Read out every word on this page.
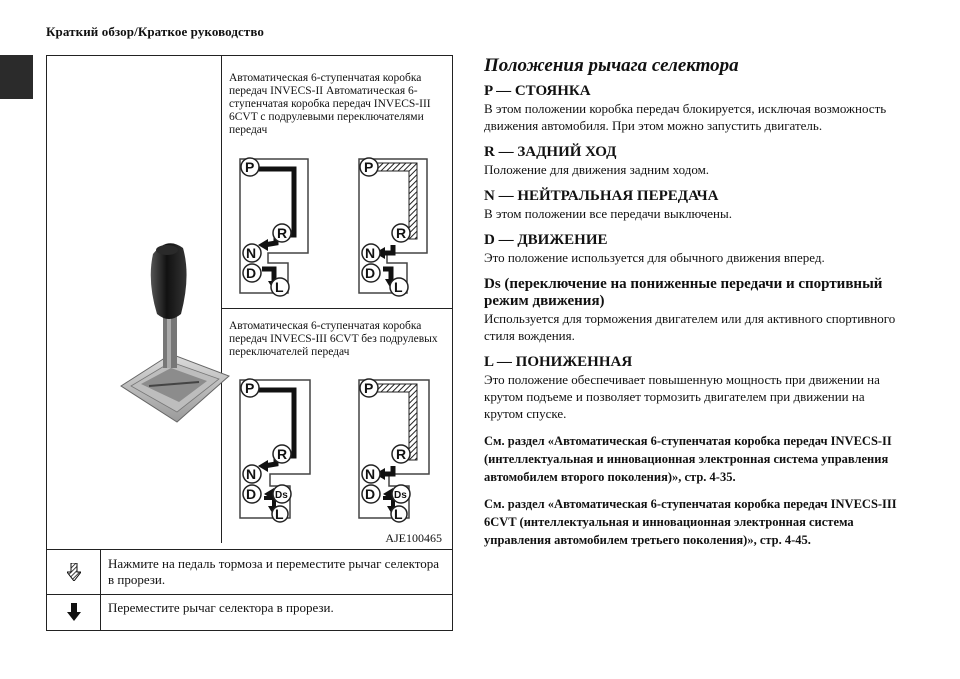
Краткий обзор/Краткое руководство
Автоматическая 6-ступенчатая коробка передач INVECS-II Автоматическая 6-ступенчатая коробка передач INVECS-III 6CVT с подрулевыми переключателями передач
Автоматическая 6-ступенчатая коробка передач INVECS-III 6CVT без подрулевых переключателей передач
P
R
N
D
L
P
R
N
D
L
P
R
N
D Ds
L
P
R
N
D Ds
L
AJE100465
Нажмите на педаль тормоза и переместите рычаг селектора в прорези.
Переместите рычаг селектора в прорези.
Положения рычага селектора
P — СТОЯНКА

В этом положении коробка передач блокируется, исключая возможность движения автомобиля. При этом можно запустить двигатель.

R — ЗАДНИЙ ХОД

Положение для движения задним ходом.

N — НЕЙТРАЛЬНАЯ ПЕРЕДАЧА

В этом положении все передачи выключены.

D — ДВИЖЕНИЕ

Это положение используется для обычного движения вперед.

Ds (переключение на пониженные передачи и спортивный режим движения)

Используется для торможения двигателем или для активного спортивного стиля вождения.

L — ПОНИЖЕННАЯ

Это положение обеспечивает повышенную мощность при движении на крутом подъеме и позволяет тормозить двигателем при движении на крутом спуске.

См. раздел «Автоматическая 6-ступенчатая коробка передач INVECS-II (интеллектуальная и инновационная электронная система управления автомобилем второго поколения)», стр. 4-35.
См. раздел «Автоматическая 6-ступенчатая коробка передач INVECS-III 6CVT (интеллектуальная и инновационная электронная система управления автомобилем третьего поколения)», стр. 4-45.
